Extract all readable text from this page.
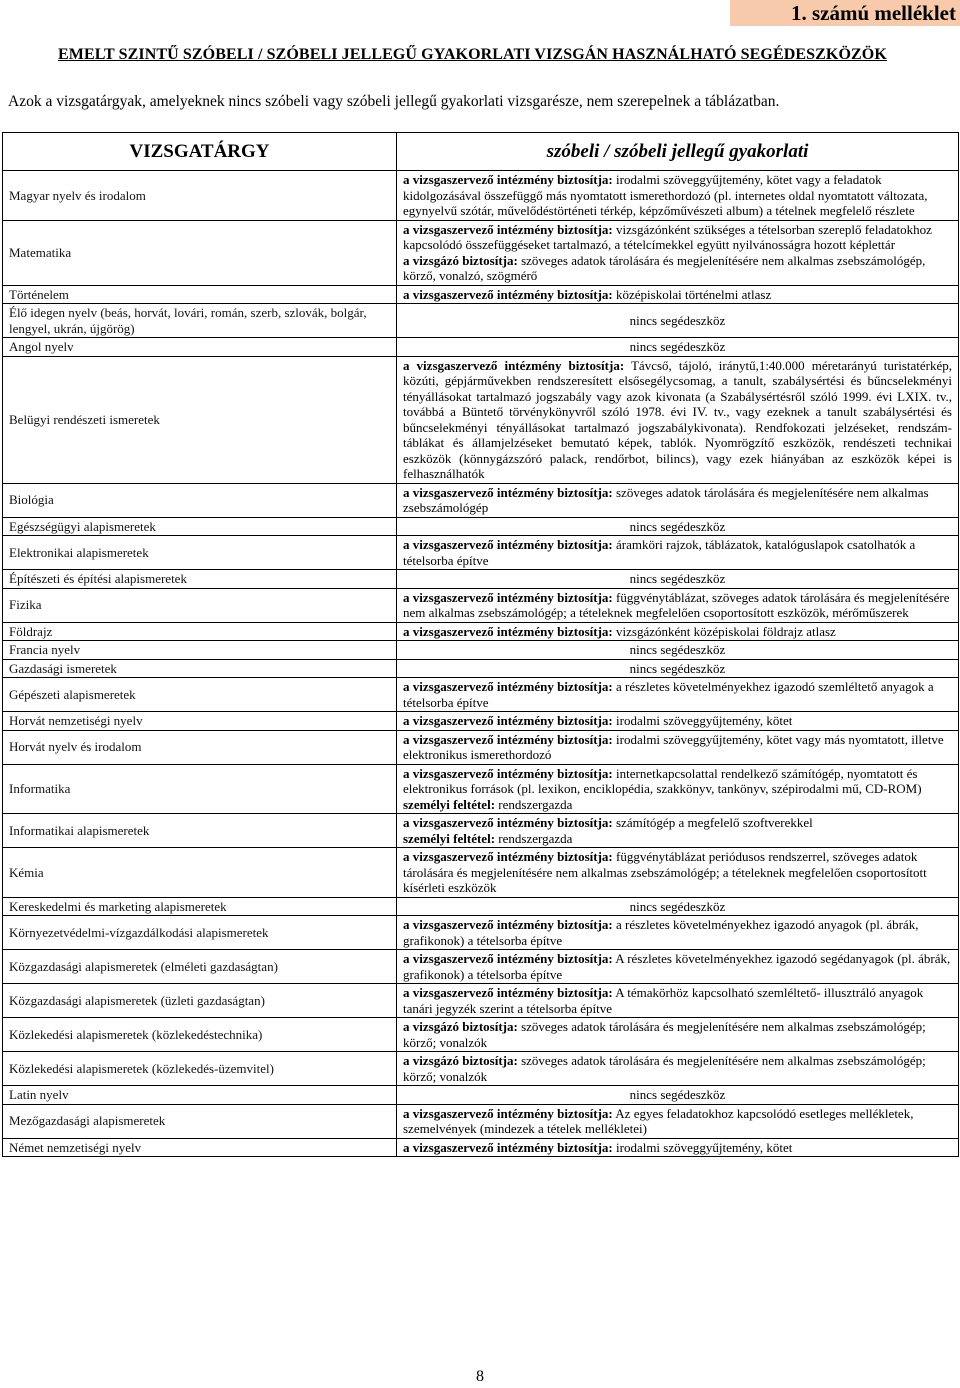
1. számú melléklet
EMELT SZINTŰ SZÓBELI / SZÓBELI JELLEGŰ GYAKORLATI VIZSGÁN HASZNÁLHATÓ SEGÉDESZKÖZÖK
Azok a vizsgatárgyak, amelyeknek nincs szóbeli vagy szóbeli jellegű gyakorlati vizsgarésze, nem szerepelnek a táblázatban.
VIZSGATÁRGY	szóbeli / szóbeli jellegű gyakorlati
Magyar nyelv és irodalom	a vizsgaszervező intézmény biztosítja: irodalmi szöveggyűjtemény, kötet vagy a feladatok kidolgozásával összefüggő más nyomtatott ismerethordozó (pl. internetes oldal nyomtatott változata, egynyelvű szótár, művelődéstörténeti térkép, képzőművészeti album) a tételnek megfelelő részlete

Matematika	a vizsgaszervező intézmény biztosítja: vizsgázónként szükséges a tételsorban szereplő feladatokhoz kapcsolódó összefüggéseket tartalmazó, a tételcímekkel együtt nyilvánosságra hozott képlettár
a vizsgázó biztosítja: szöveges adatok tárolására és megjelenítésére nem alkalmas zsebszámológép, körző, vonalzó, szögmérő

Történelem	a vizsgaszervező intézmény biztosítja: középiskolai történelmi atlasz

Élő idegen nyelv (beás, horvát, lovári, román, szerb, szlovák, bolgár, lengyel, ukrán, újgörög)	nincs segédeszköz
Angol nyelv	nincs segédeszköz
Belügyi rendészeti ismeretek	a vizsgaszervező intézmény biztosítja: Távcső, tájoló, iránytű,1:40.000 méretarányú turistatérkép, közúti, gépjárművekben rendszeresített elsősegélycsomag, a tanult, szabálysértési és bűncselekményi tényállásokat tartalmazó jogszabály vagy azok kivonata (a Szabálysértésről szóló 1999. évi LXIX. tv., továbbá a Büntető törvénykönyvről szóló 1978. évi IV. tv., vagy ezeknek a tanult szabálysértési és bűncselekményi tényállásokat tartalmazó jogszabálykivonata). Rendfokozati jelzéseket, rendszám-táblákat és államjelzéseket bemutató képek, tablók. Nyomrögzítő eszközök, rendészeti technikai eszközök (könnygázszóró palack, rendőrbot, bilincs), vagy ezek hiányában az eszközök képei is felhasználhatók

Biológia	a vizsgaszervező intézmény biztosítja: szöveges adatok tárolására és megjelenítésére nem alkalmas zsebszámológép

Egészségügyi alapismeretek	nincs segédeszköz
Elektronikai alapismeretek	a vizsgaszervező intézmény biztosítja: áramköri rajzok, táblázatok, katalóguslapok csatolhatók a tételsorba építve

Építészeti és építési alapismeretek	nincs segédeszköz
Fizika	a vizsgaszervező intézmény biztosítja: függvénytáblázat, szöveges adatok tárolására és megjelenítésére nem alkalmas zsebszámológép; a tételeknek megfelelően csoportosított eszközök, mérőműszerek

Földrajz	a vizsgaszervező intézmény biztosítja: vizsgázónként középiskolai földrajz atlasz

Francia nyelv	nincs segédeszköz
Gazdasági ismeretek	nincs segédeszköz
Gépészeti alapismeretek	a vizsgaszervező intézmény biztosítja: a részletes követelményekhez igazodó szemléltető anyagok a tételsorba építve

Horvát nemzetiségi nyelv	a vizsgaszervező intézmény biztosítja: irodalmi szöveggyűjtemény, kötet

Horvát nyelv és irodalom	a vizsgaszervező intézmény biztosítja: irodalmi szöveggyűjtemény, kötet vagy más nyomtatott, illetve elektronikus ismerethordozó

Informatika	a vizsgaszervező intézmény biztosítja: internetkapcsolattal rendelkező számítógép, nyomtatott és elektronikus források (pl. lexikon, enciklopédia, szakkönyv, tankönyv, szépirodalmi mű, CD-ROM)
személyi feltétel: rendszergazda

Informatikai alapismeretek	a vizsgaszervező intézmény biztosítja: számítógép a megfelelő szoftverekkel
személyi feltétel: rendszergazda

Kémia	a vizsgaszervező intézmény biztosítja: függvénytáblázat periódusos rendszerrel, szöveges adatok tárolására és megjelenítésére nem alkalmas zsebszámológép; a tételeknek megfelelően csoportosított kísérleti eszközök

Kereskedelmi és marketing alapismeretek	nincs segédeszköz
Környezetvédelmi-vízgazdálkodási alapismeretek	a vizsgaszervező intézmény biztosítja: a részletes követelményekhez igazodó anyagok (pl. ábrák, grafikonok) a tételsorba építve

Közgazdasági alapismeretek (elméleti gazdaságtan)	a vizsgaszervező intézmény biztosítja: A részletes követelményekhez igazodó segédanyagok (pl. ábrák, grafikonok) a tételsorba építve

Közgazdasági alapismeretek (üzleti gazdaságtan)	a vizsgaszervező intézmény biztosítja: A témakörhöz kapcsolható szemléltető- illusztráló anyagok tanári jegyzék szerint a tételsorba építve

Közlekedési alapismeretek (közlekedéstechnika)	a vizsgázó biztosítja: szöveges adatok tárolására és megjelenítésére nem alkalmas zsebszámológép; körző; vonalzók

Közlekedési alapismeretek (közlekedés-üzemvitel)	a vizsgázó biztosítja: szöveges adatok tárolására és megjelenítésére nem alkalmas zsebszámológép; körző; vonalzók

Latin nyelv	nincs segédeszköz
Mezőgazdasági alapismeretek	a vizsgaszervező intézmény biztosítja: Az egyes feladatokhoz kapcsolódó esetleges mellékletek, szemelvények (mindezek a tételek mellékletei)

Német nemzetiségi nyelv	a vizsgaszervező intézmény biztosítja: irodalmi szöveggyűjtemény, kötet
8
